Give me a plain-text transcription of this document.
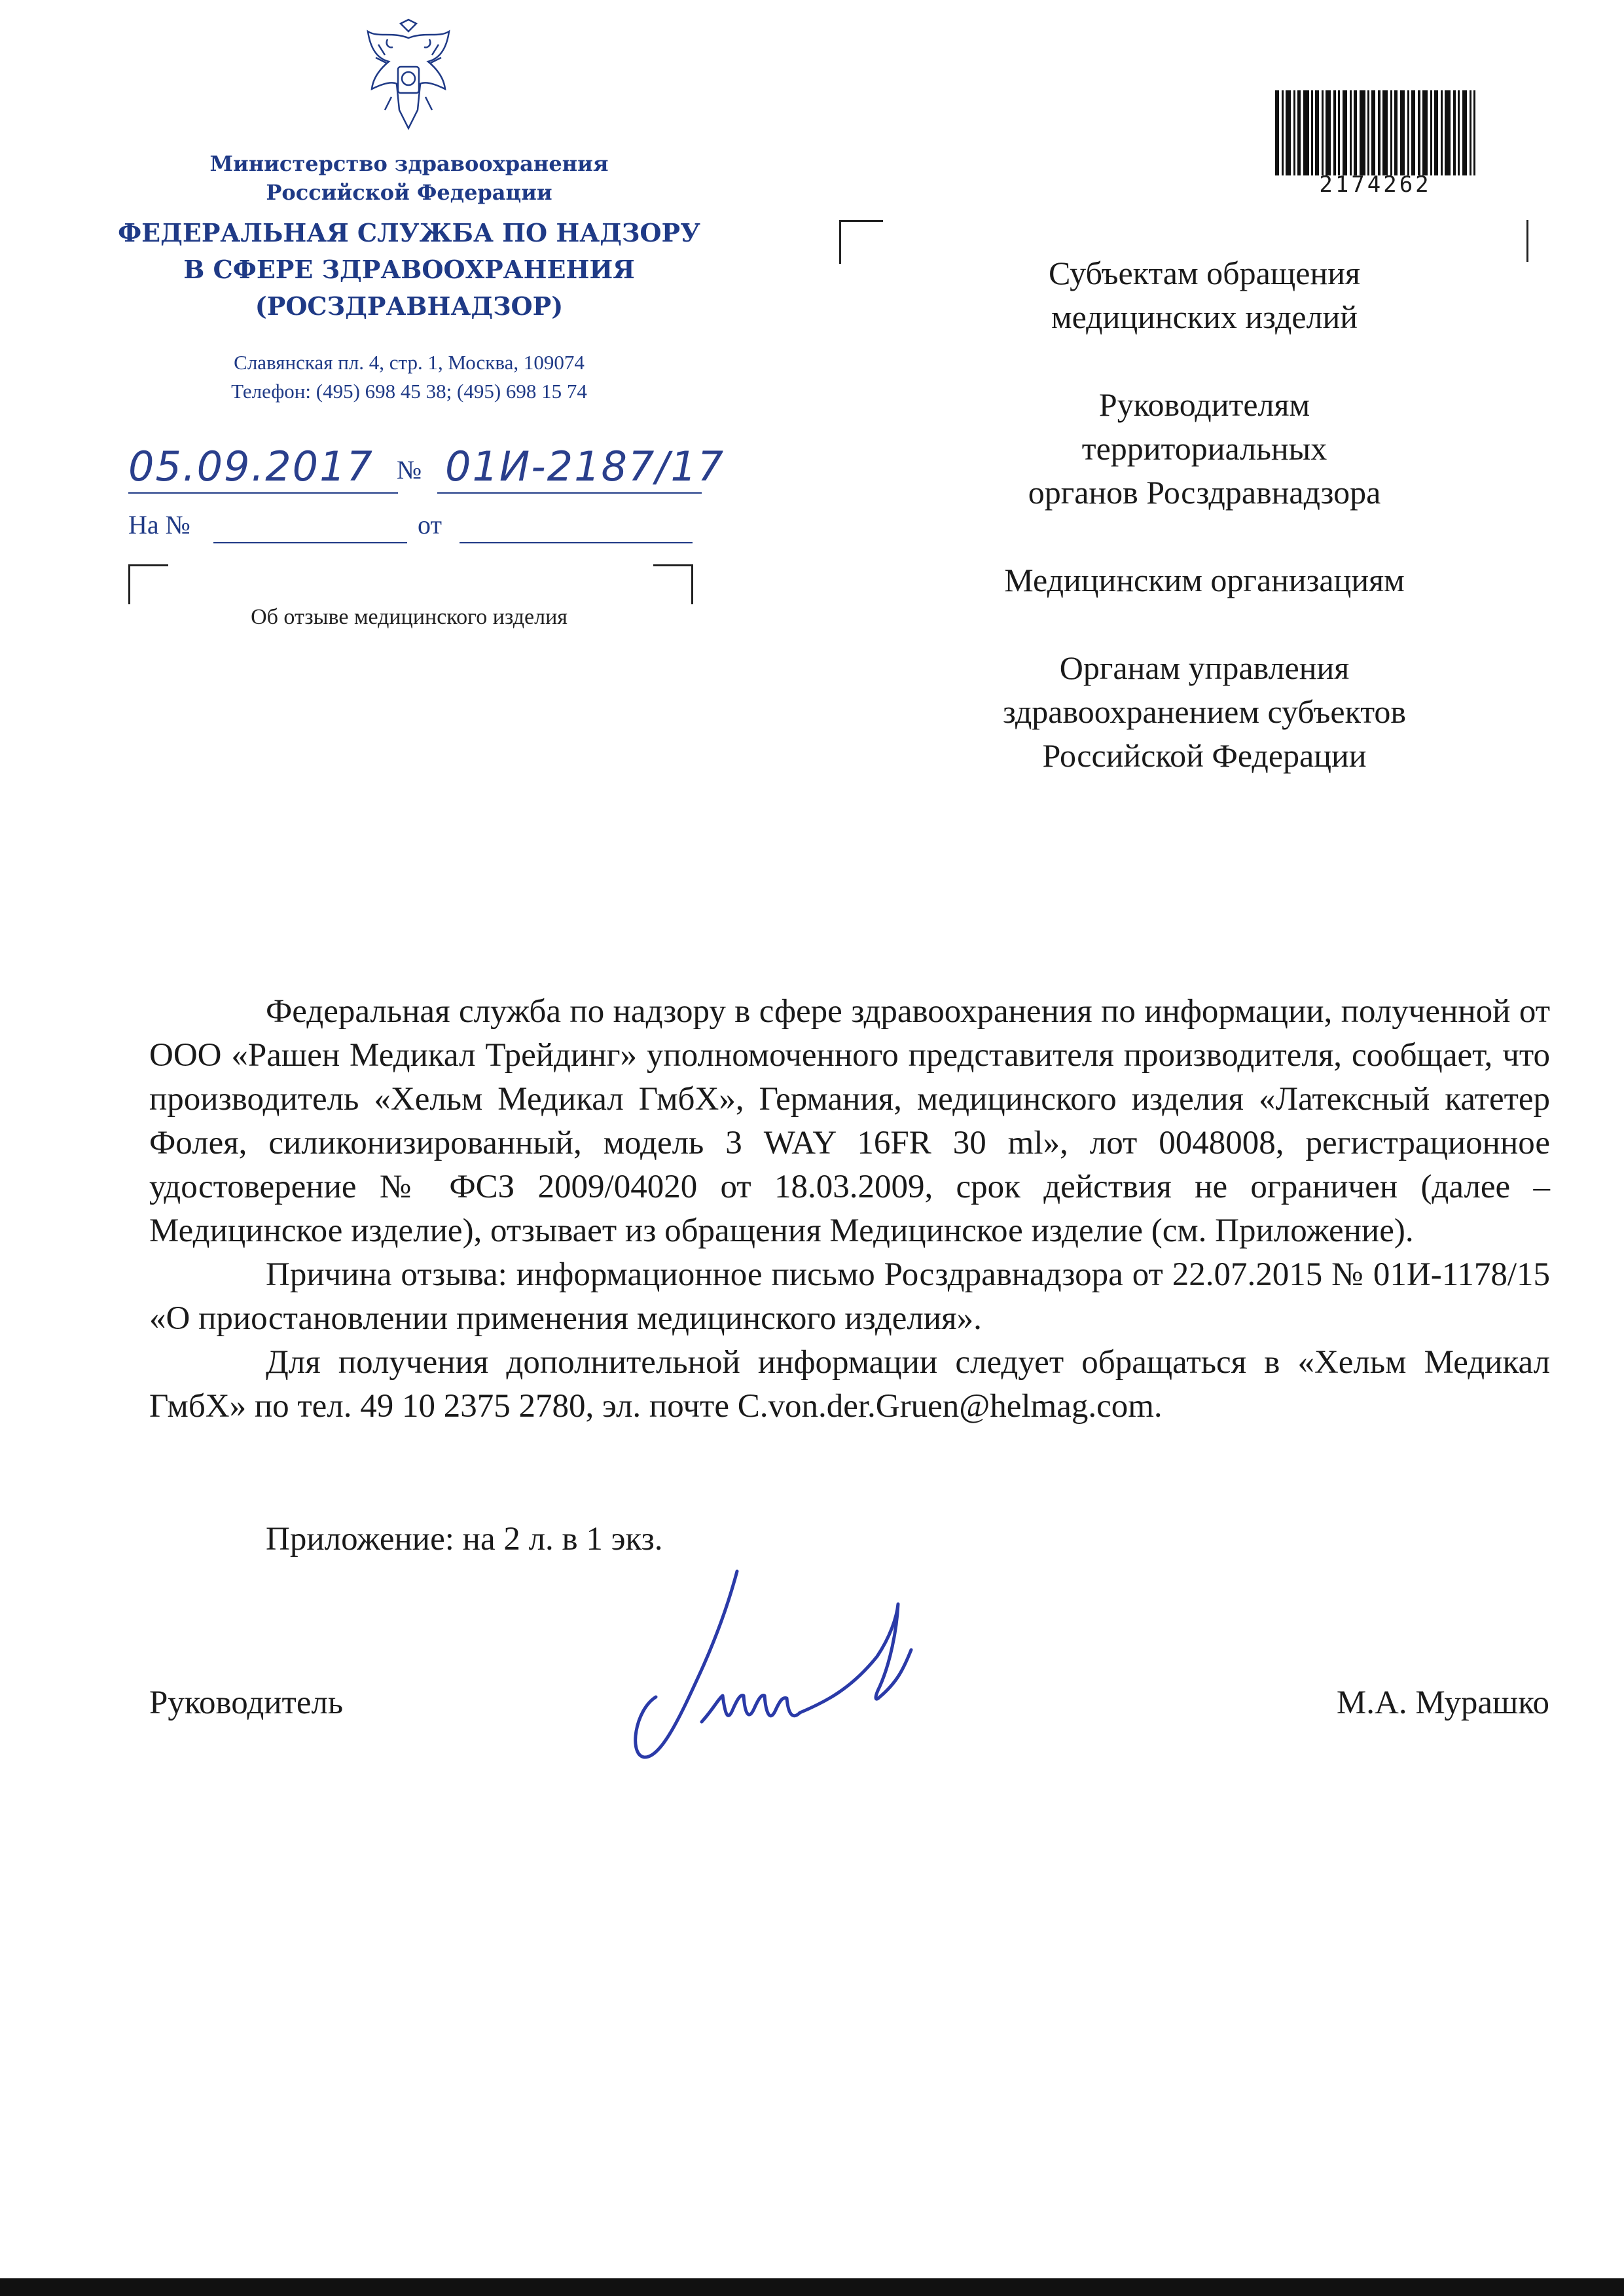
Министерство здравоохранения
Российской Федерации
ФЕДЕРАЛЬНАЯ СЛУЖБА ПО НАДЗОРУ
В СФЕРЕ ЗДРАВООХРАНЕНИЯ
(РОСЗДРАВНАДЗОР)
Славянская пл. 4, стр. 1, Москва, 109074
Телефон: (495) 698 45 38; (495) 698 15 74
05.09.2017 № 01И-2187/17
На №	от
Об отзыве медицинского изделия
2174262

Субъектам обращения
медицинских изделий

Руководителям
территориальных
органов Росздравнадзора

Медицинским организациям

Органам управления
здравоохранением субъектов
Российской Федерации

Федеральная служба по надзору в сфере здравоохранения по информации, полученной от ООО «Рашен Медикал Трейдинг» уполномоченного представителя производителя, сообщает, что производитель «Хельм Медикал ГмбХ», Германия, медицинского изделия «Латексный катетер Фолея, силиконизированный, модель 3 WAY 16FR 30 ml», лот 0048008, регистрационное удостоверение № ФСЗ 2009/04020 от 18.03.2009, срок действия не ограничен (далее – Медицинское изделие), отзывает из обращения Медицинское изделие (см. Приложение).

Причина отзыва: информационное письмо Росздравнадзора от 22.07.2015 № 01И-1178/15 «О приостановлении применения медицинского изделия».

Для получения дополнительной информации следует обращаться в «Хельм Медикал ГмбХ» по тел. 49 10 2375 2780, эл. почте C.von.der.Gruen@helmag.com.

Приложение: на 2 л. в 1 экз.
Руководитель	М.А. Мурашко
